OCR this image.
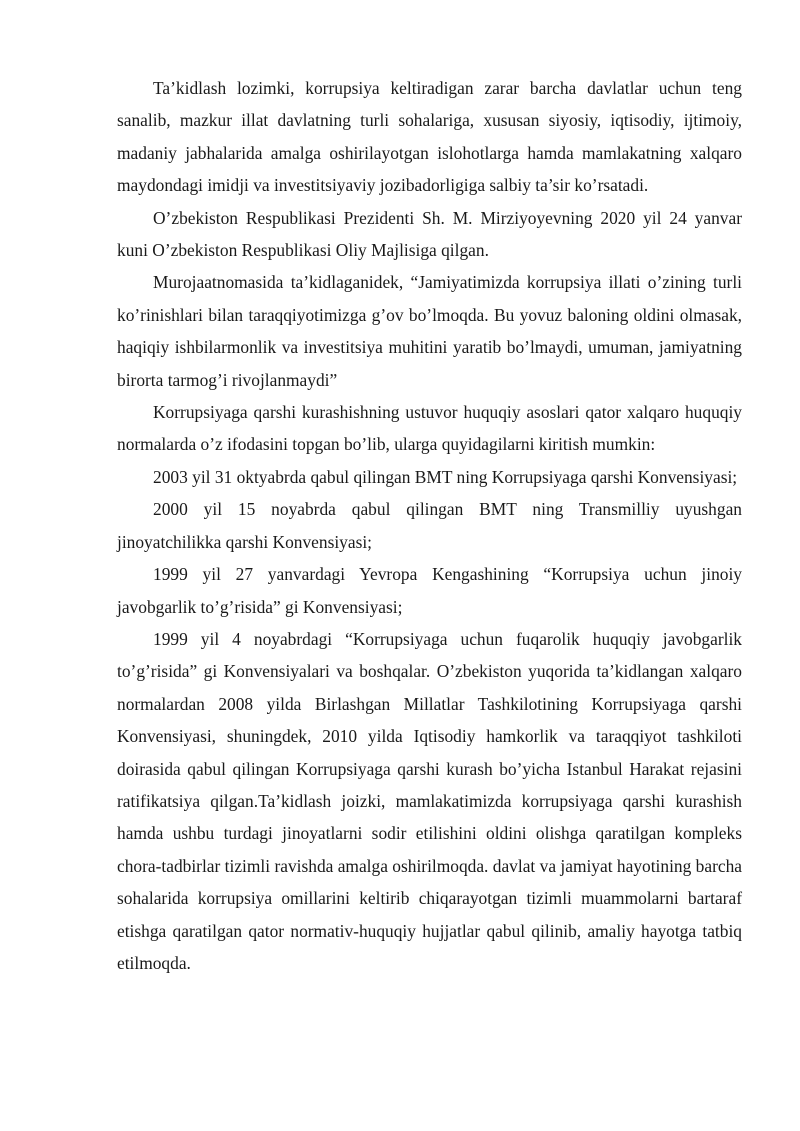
Ta’kidlash lozimki, korrupsiya keltiradigan zarar barcha davlatlar uchun teng sanalib, mazkur illat davlatning turli sohalariga, xususan siyosiy, iqtisodiy, ijtimoiy, madaniy jabhalarida amalga oshirilayotgan islohotlarga hamda mamlakatning xalqaro maydondagi imidji va investitsiyaviy jozibadorligiga salbiy ta’sir ko’rsatadi.

O’zbekiston Respublikasi Prezidenti Sh. M. Mirziyoyevning 2020 yil 24 yanvar kuni O’zbekiston Respublikasi Oliy Majlisiga qilgan.

Murojaatnomasida ta’kidlaganidek, “Jamiyatimizda korrupsiya illati o’zining turli ko’rinishlari bilan taraqqiyotimizga g’ov bo’lmoqda. Bu yovuz baloning oldini olmasak, haqiqiy ishbilarmonlik va investitsiya muhitini yaratib bo’lmaydi, umuman, jamiyatning birorta tarmog’i rivojlanmaydi”

Korrupsiyaga qarshi kurashishning ustuvor huquqiy asoslari qator xalqaro huquqiy normalarda o’z ifodasini topgan bo’lib, ularga quyidagilarni kiritish mumkin:

2003 yil 31 oktyabrda qabul qilingan BMT ning Korrupsiyaga qarshi Konvensiyasi;

2000 yil 15 noyabrda qabul qilingan BMT ning Transmilliy uyushgan jinoyatchilikka qarshi Konvensiyasi;

1999 yil 27 yanvardagi Yevropa Kengashining “Korrupsiya uchun jinoiy javobgarlik to’g’risida” gi Konvensiyasi;

1999 yil 4 noyabrdagi “Korrupsiyaga uchun fuqarolik huquqiy javobgarlik to’g’risida” gi Konvensiyalari va boshqalar. O’zbekiston yuqorida ta’kidlangan xalqaro normalardan 2008 yilda Birlashgan Millatlar Tashkilotining Korrupsiyaga qarshi Konvensiyasi, shuningdek, 2010 yilda Iqtisodiy hamkorlik va taraqqiyot tashkiloti doirasida qabul qilingan Korrupsiyaga qarshi kurash bo’yicha Istanbul Harakat rejasini ratifikatsiya qilgan.Ta’kidlash joizki, mamlakatimizda korrupsiyaga qarshi kurashish hamda ushbu turdagi jinoyatlarni sodir etilishini oldini olishga qaratilgan kompleks chora-tadbirlar tizimli ravishda amalga oshirilmoqda. davlat va jamiyat hayotining barcha sohalarida korrupsiya omillarini keltirib chiqarayotgan tizimli muammolarni bartaraf etishga qaratilgan qator normativ-huquqiy hujjatlar qabul qilinib, amaliy hayotga tatbiq etilmoqda.
